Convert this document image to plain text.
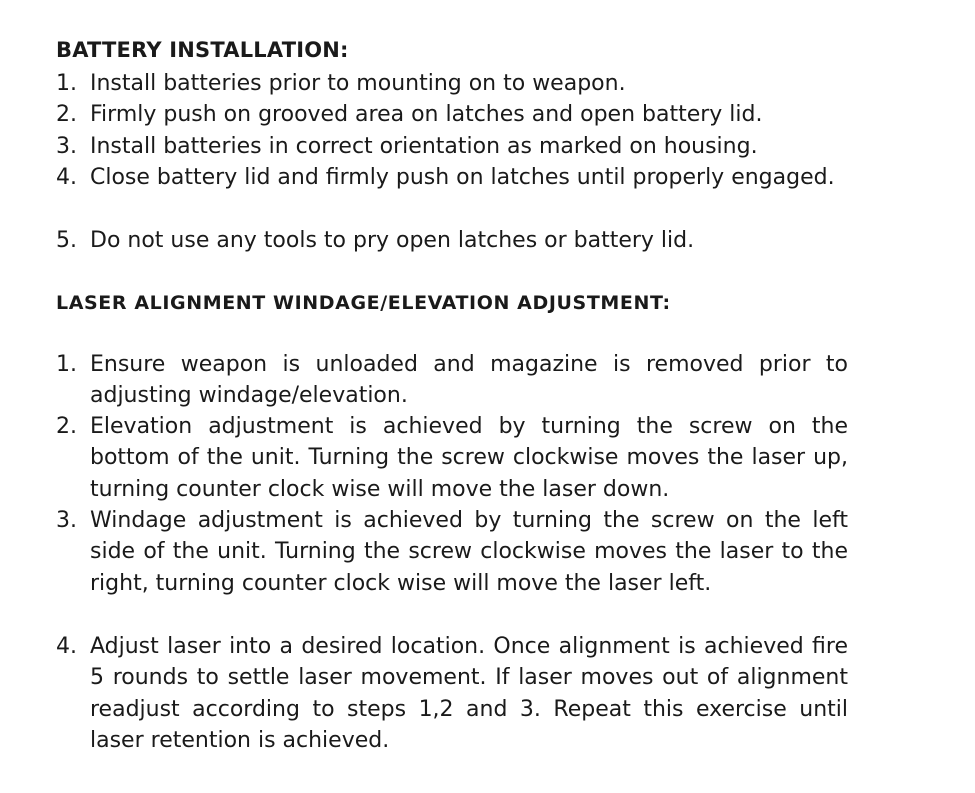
BATTERY INSTALLATION:
1. Install batteries prior to mounting on to weapon.
2. Firmly push on grooved area on latches and open battery lid.
3. Install batteries in correct orientation as marked on housing.
4. Close battery lid and firmly push on latches until properly engaged.
5. Do not use any tools to pry open latches or battery lid.
LASER ALIGNMENT WINDAGE/ELEVATION ADJUSTMENT:
1. Ensure weapon is unloaded and magazine is removed prior to adjusting windage/elevation.
2. Elevation adjustment is achieved by turning the screw on the bottom of the unit. Turning the screw clockwise moves the laser up, turning counter clock wise will move the laser down.
3. Windage adjustment is achieved by turning the screw on the left side of the unit. Turning the screw clockwise moves the laser to the right, turning counter clock wise will move the laser left.
4. Adjust laser into a desired location. Once alignment is achieved fire 5 rounds to settle laser movement. If laser moves out of alignment readjust according to steps 1,2 and 3. Repeat this exercise until laser retention is achieved.
